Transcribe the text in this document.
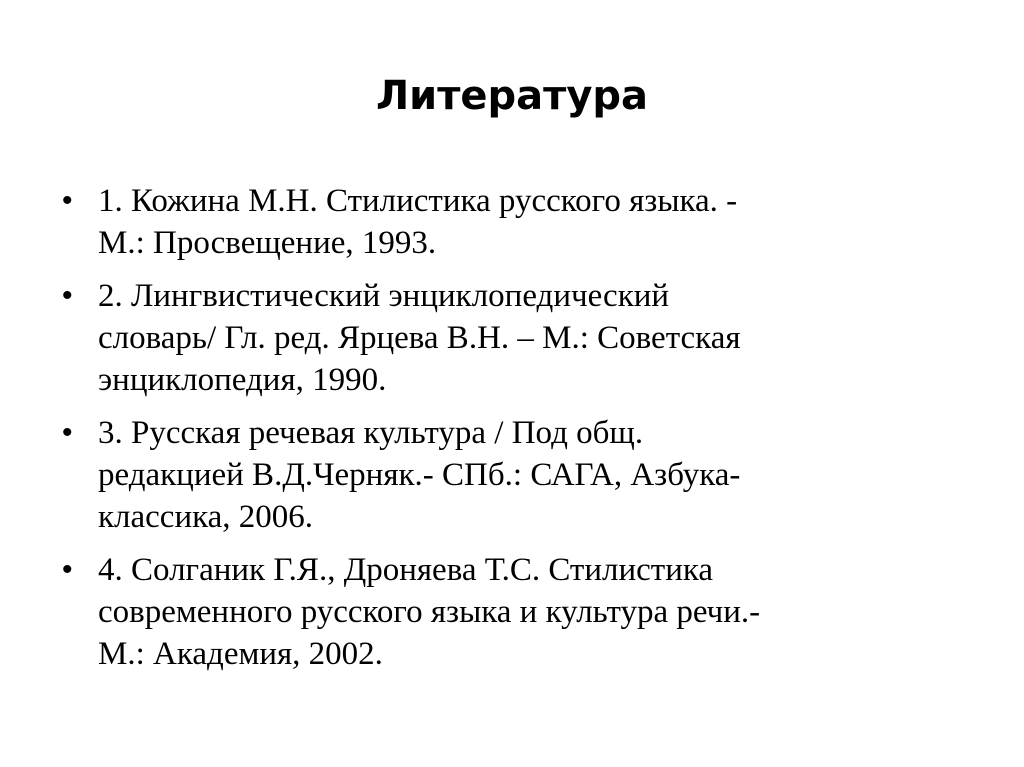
Литература
• 1. Кожина М.Н. Стилистика русского языка. -
М.: Просвещение, 1993.
• 2. Лингвистический энциклопедический
словарь/ Гл. ред. Ярцева В.Н. – М.: Советская
энциклопедия, 1990.
• 3. Русская речевая культура / Под общ.
редакцией В.Д.Черняк.- СПб.: САГА, Азбука-
классика, 2006.
• 4. Солганик Г.Я., Дроняева Т.С. Стилистика
современного русского языка и культура речи.-
М.: Академия, 2002.
